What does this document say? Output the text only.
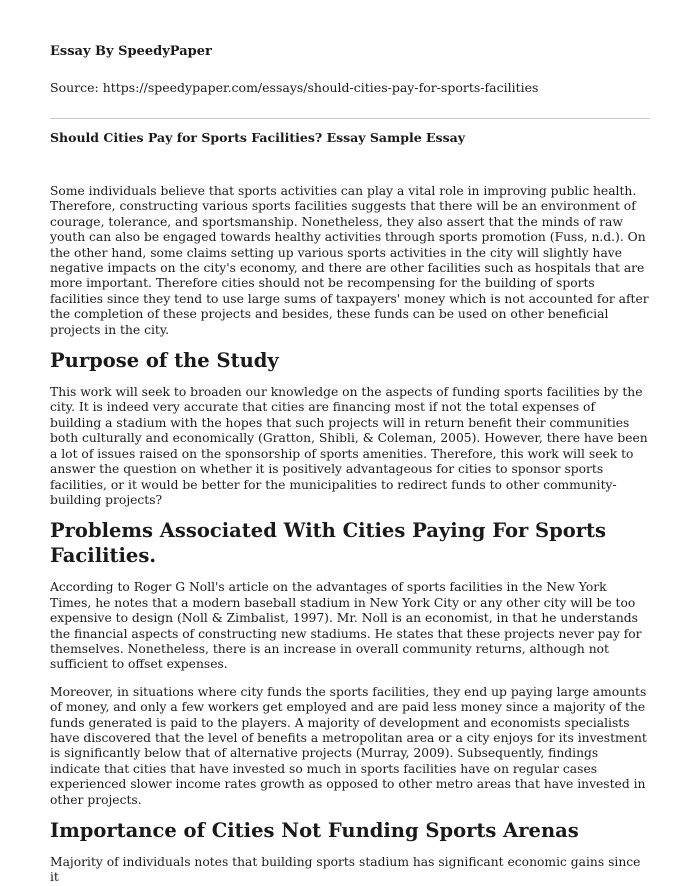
Essay By SpeedyPaper
Source: https://speedypaper.com/essays/should-cities-pay-for-sports-facilities
Should Cities Pay for Sports Facilities? Essay Sample Essay

Some individuals believe that sports activities can play a vital role in improving public health. Therefore, constructing various sports facilities suggests that there will be an environment of courage, tolerance, and sportsmanship. Nonetheless, they also assert that the minds of raw youth can also be engaged towards healthy activities through sports promotion (Fuss, n.d.). On the other hand, some claims setting up various sports activities in the city will slightly have negative impacts on the city's economy, and there are other facilities such as hospitals that are more important. Therefore cities should not be recompensing for the building of sports facilities since they tend to use large sums of taxpayers' money which is not accounted for after the completion of these projects and besides, these funds can be used on other beneficial projects in the city.

Purpose of the Study

This work will seek to broaden our knowledge on the aspects of funding sports facilities by the city. It is indeed very accurate that cities are financing most if not the total expenses of building a stadium with the hopes that such projects will in return benefit their communities both culturally and economically (Gratton, Shibli, & Coleman, 2005). However, there have been a lot of issues raised on the sponsorship of sports amenities. Therefore, this work will seek to answer the question on whether it is positively advantageous for cities to sponsor sports facilities, or it would be better for the municipalities to redirect funds to other community-building projects?

Problems Associated With Cities Paying For Sports Facilities.

According to Roger G Noll's article on the advantages of sports facilities in the New York Times, he notes that a modern baseball stadium in New York City or any other city will be too expensive to design (Noll & Zimbalist, 1997). Mr. Noll is an economist, in that he understands the financial aspects of constructing new stadiums. He states that these projects never pay for themselves. Nonetheless, there is an increase in overall community returns, although not sufficient to offset expenses.

Moreover, in situations where city funds the sports facilities, they end up paying large amounts of money, and only a few workers get employed and are paid less money since a majority of the funds generated is paid to the players. A majority of development and economists specialists have discovered that the level of benefits a metropolitan area or a city enjoys for its investment is significantly below that of alternative projects (Murray, 2009). Subsequently, findings indicate that cities that have invested so much in sports facilities have on regular cases experienced slower income rates growth as opposed to other metro areas that have invested in other projects.

Importance of Cities Not Funding Sports Arenas

Majority of individuals notes that building sports stadium has significant economic gains since it
